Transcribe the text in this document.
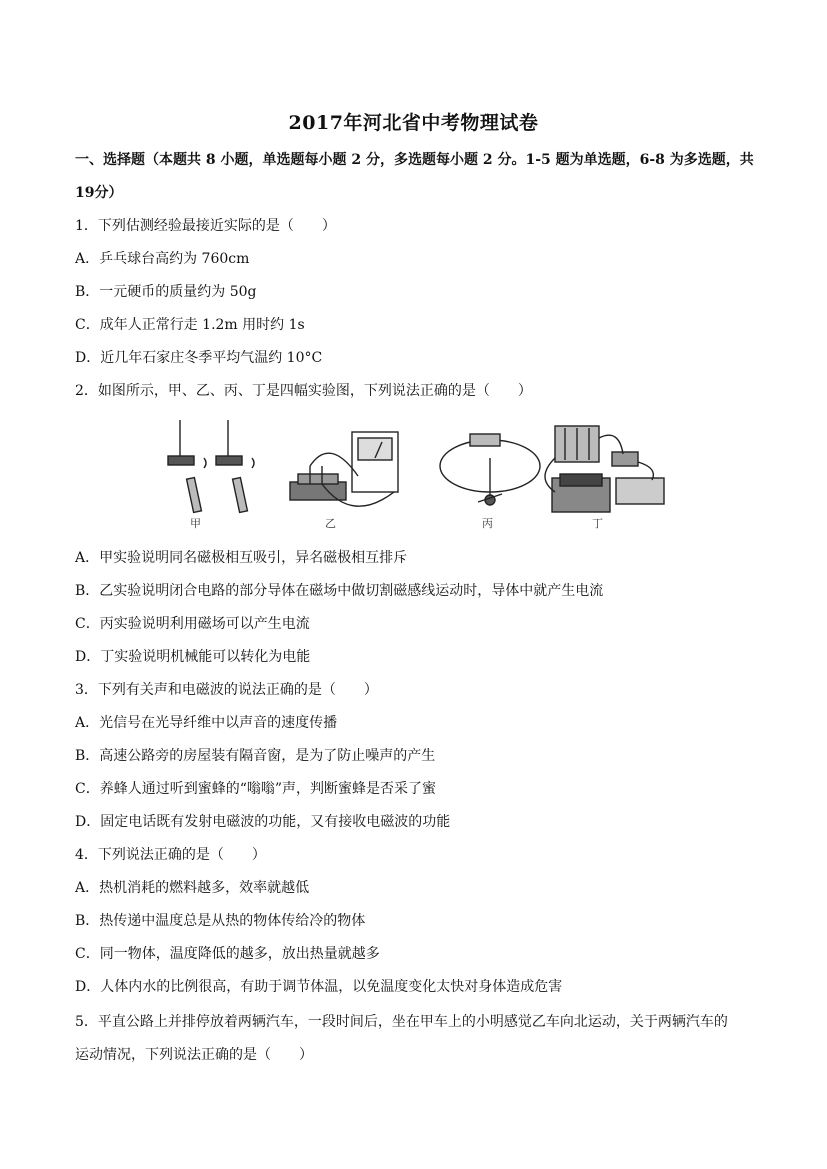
2017年河北省中考物理试卷
一、选择题（本题共 8 小题，单选题每小题 2 分，多选题每小题 2 分。1-5 题为单选题，6-8 为多选题，共
19分）
1．下列估测经验最接近实际的是（　　）
A．乒乓球台高约为 760cm
B．一元硬币的质量约为 50g
C．成年人正常行走 1.2m 用时约 1s
D．近几年石家庄冬季平均气温约 10°C
2．如图所示，甲、乙、丙、丁是四幅实验图，下列说法正确的是（　　）
甲	乙	丙	丁
A．甲实验说明同名磁极相互吸引，异名磁极相互排斥
B．乙实验说明闭合电路的部分导体在磁场中做切割磁感线运动时，导体中就产生电流
C．丙实验说明利用磁场可以产生电流
D．丁实验说明机械能可以转化为电能
3．下列有关声和电磁波的说法正确的是（　　）
A．光信号在光导纤维中以声音的速度传播
B．高速公路旁的房屋装有隔音窗，是为了防止噪声的产生
C．养蜂人通过听到蜜蜂的“嗡嗡”声，判断蜜蜂是否采了蜜
D．固定电话既有发射电磁波的功能，又有接收电磁波的功能
4．下列说法正确的是（　　）
A．热机消耗的燃料越多，效率就越低
B．热传递中温度总是从热的物体传给冷的物体
C．同一物体，温度降低的越多，放出热量就越多
D．人体内水的比例很高，有助于调节体温，以免温度变化太快对身体造成危害
5．平直公路上并排停放着两辆汽车，一段时间后，坐在甲车上的小明感觉乙车向北运动，关于两辆汽车的
运动情况，下列说法正确的是（　　）
